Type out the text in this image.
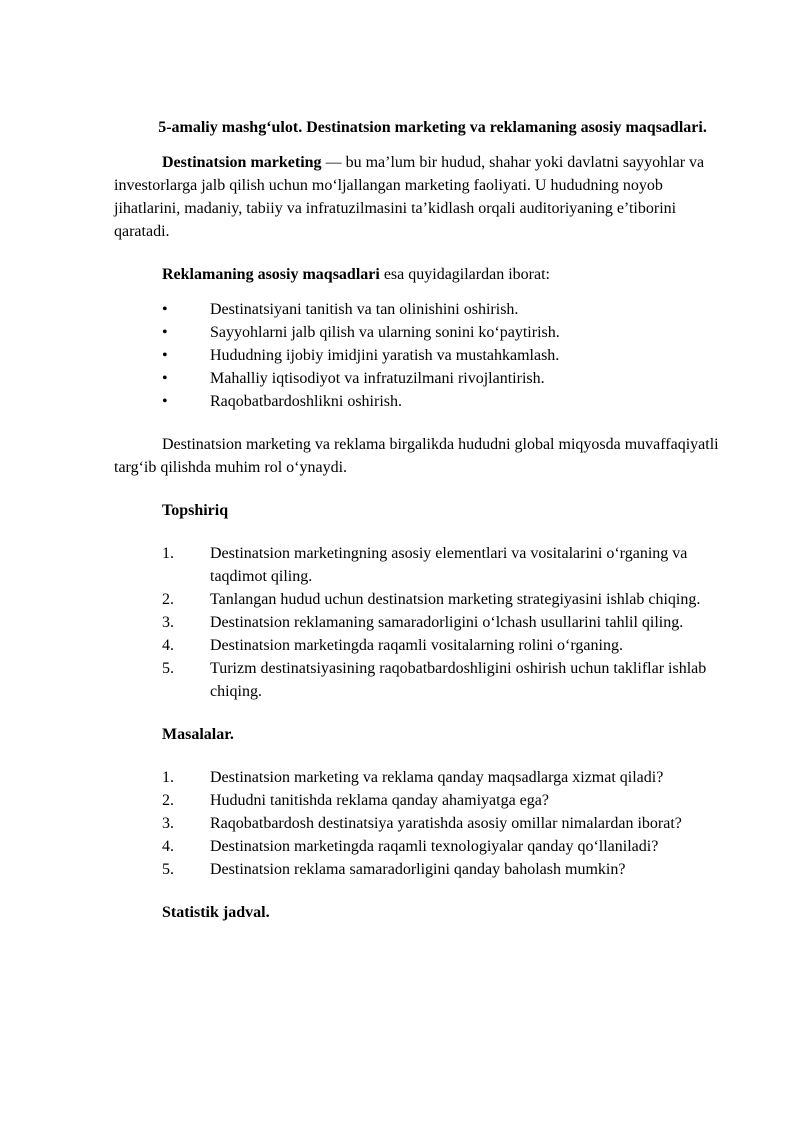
5-amaliy mashg‘ulot. Destinatsion marketing va reklamaning asosiy maqsadlari.

Destinatsion marketing — bu ma’lum bir hudud, shahar yoki davlatni sayyohlar va investorlarga jalb qilish uchun mo‘ljallangan marketing faoliyati. U hududning noyob jihatlarini, madaniy, tabiiy va infratuzilmasini ta’kidlash orqali auditoriyaning e’tiborini qaratadi.

Reklamaning asosiy maqsadlari esa quyidagilardan iborat:

•	Destinatsiyani tanitish va tan olinishini oshirish.
•	Sayyohlarni jalb qilish va ularning sonini ko‘paytirish.
•	Hududning ijobiy imidjini yaratish va mustahkamlash.
•	Mahalliy iqtisodiyot va infratuzilmani rivojlantirish.
•	Raqobatbardoshlikni oshirish.

Destinatsion marketing va reklama birgalikda hududni global miqyosda muvaffaqiyatli targ‘ib qilishda muhim rol o‘ynaydi.

Topshiriq

1. Destinatsion marketingning asosiy elementlari va vositalarini o‘rganing va taqdimot qiling.
2. Tanlangan hudud uchun destinatsion marketing strategiyasini ishlab chiqing.
3. Destinatsion reklamaning samaradorligini o‘lchash usullarini tahlil qiling.
4. Destinatsion marketingda raqamli vositalarning rolini o‘rganing.
5. Turizm destinatsiyasining raqobatbardoshligini oshirish uchun takliflar ishlab chiqing.

Masalalar.

1. Destinatsion marketing va reklama qanday maqsadlarga xizmat qiladi?
2. Hududni tanitishda reklama qanday ahamiyatga ega?
3. Raqobatbardosh destinatsiya yaratishda asosiy omillar nimalardan iborat?
4. Destinatsion marketingda raqamli texnologiyalar qanday qo‘llaniladi?
5. Destinatsion reklama samaradorligini qanday baholash mumkin?

Statistik jadval.
